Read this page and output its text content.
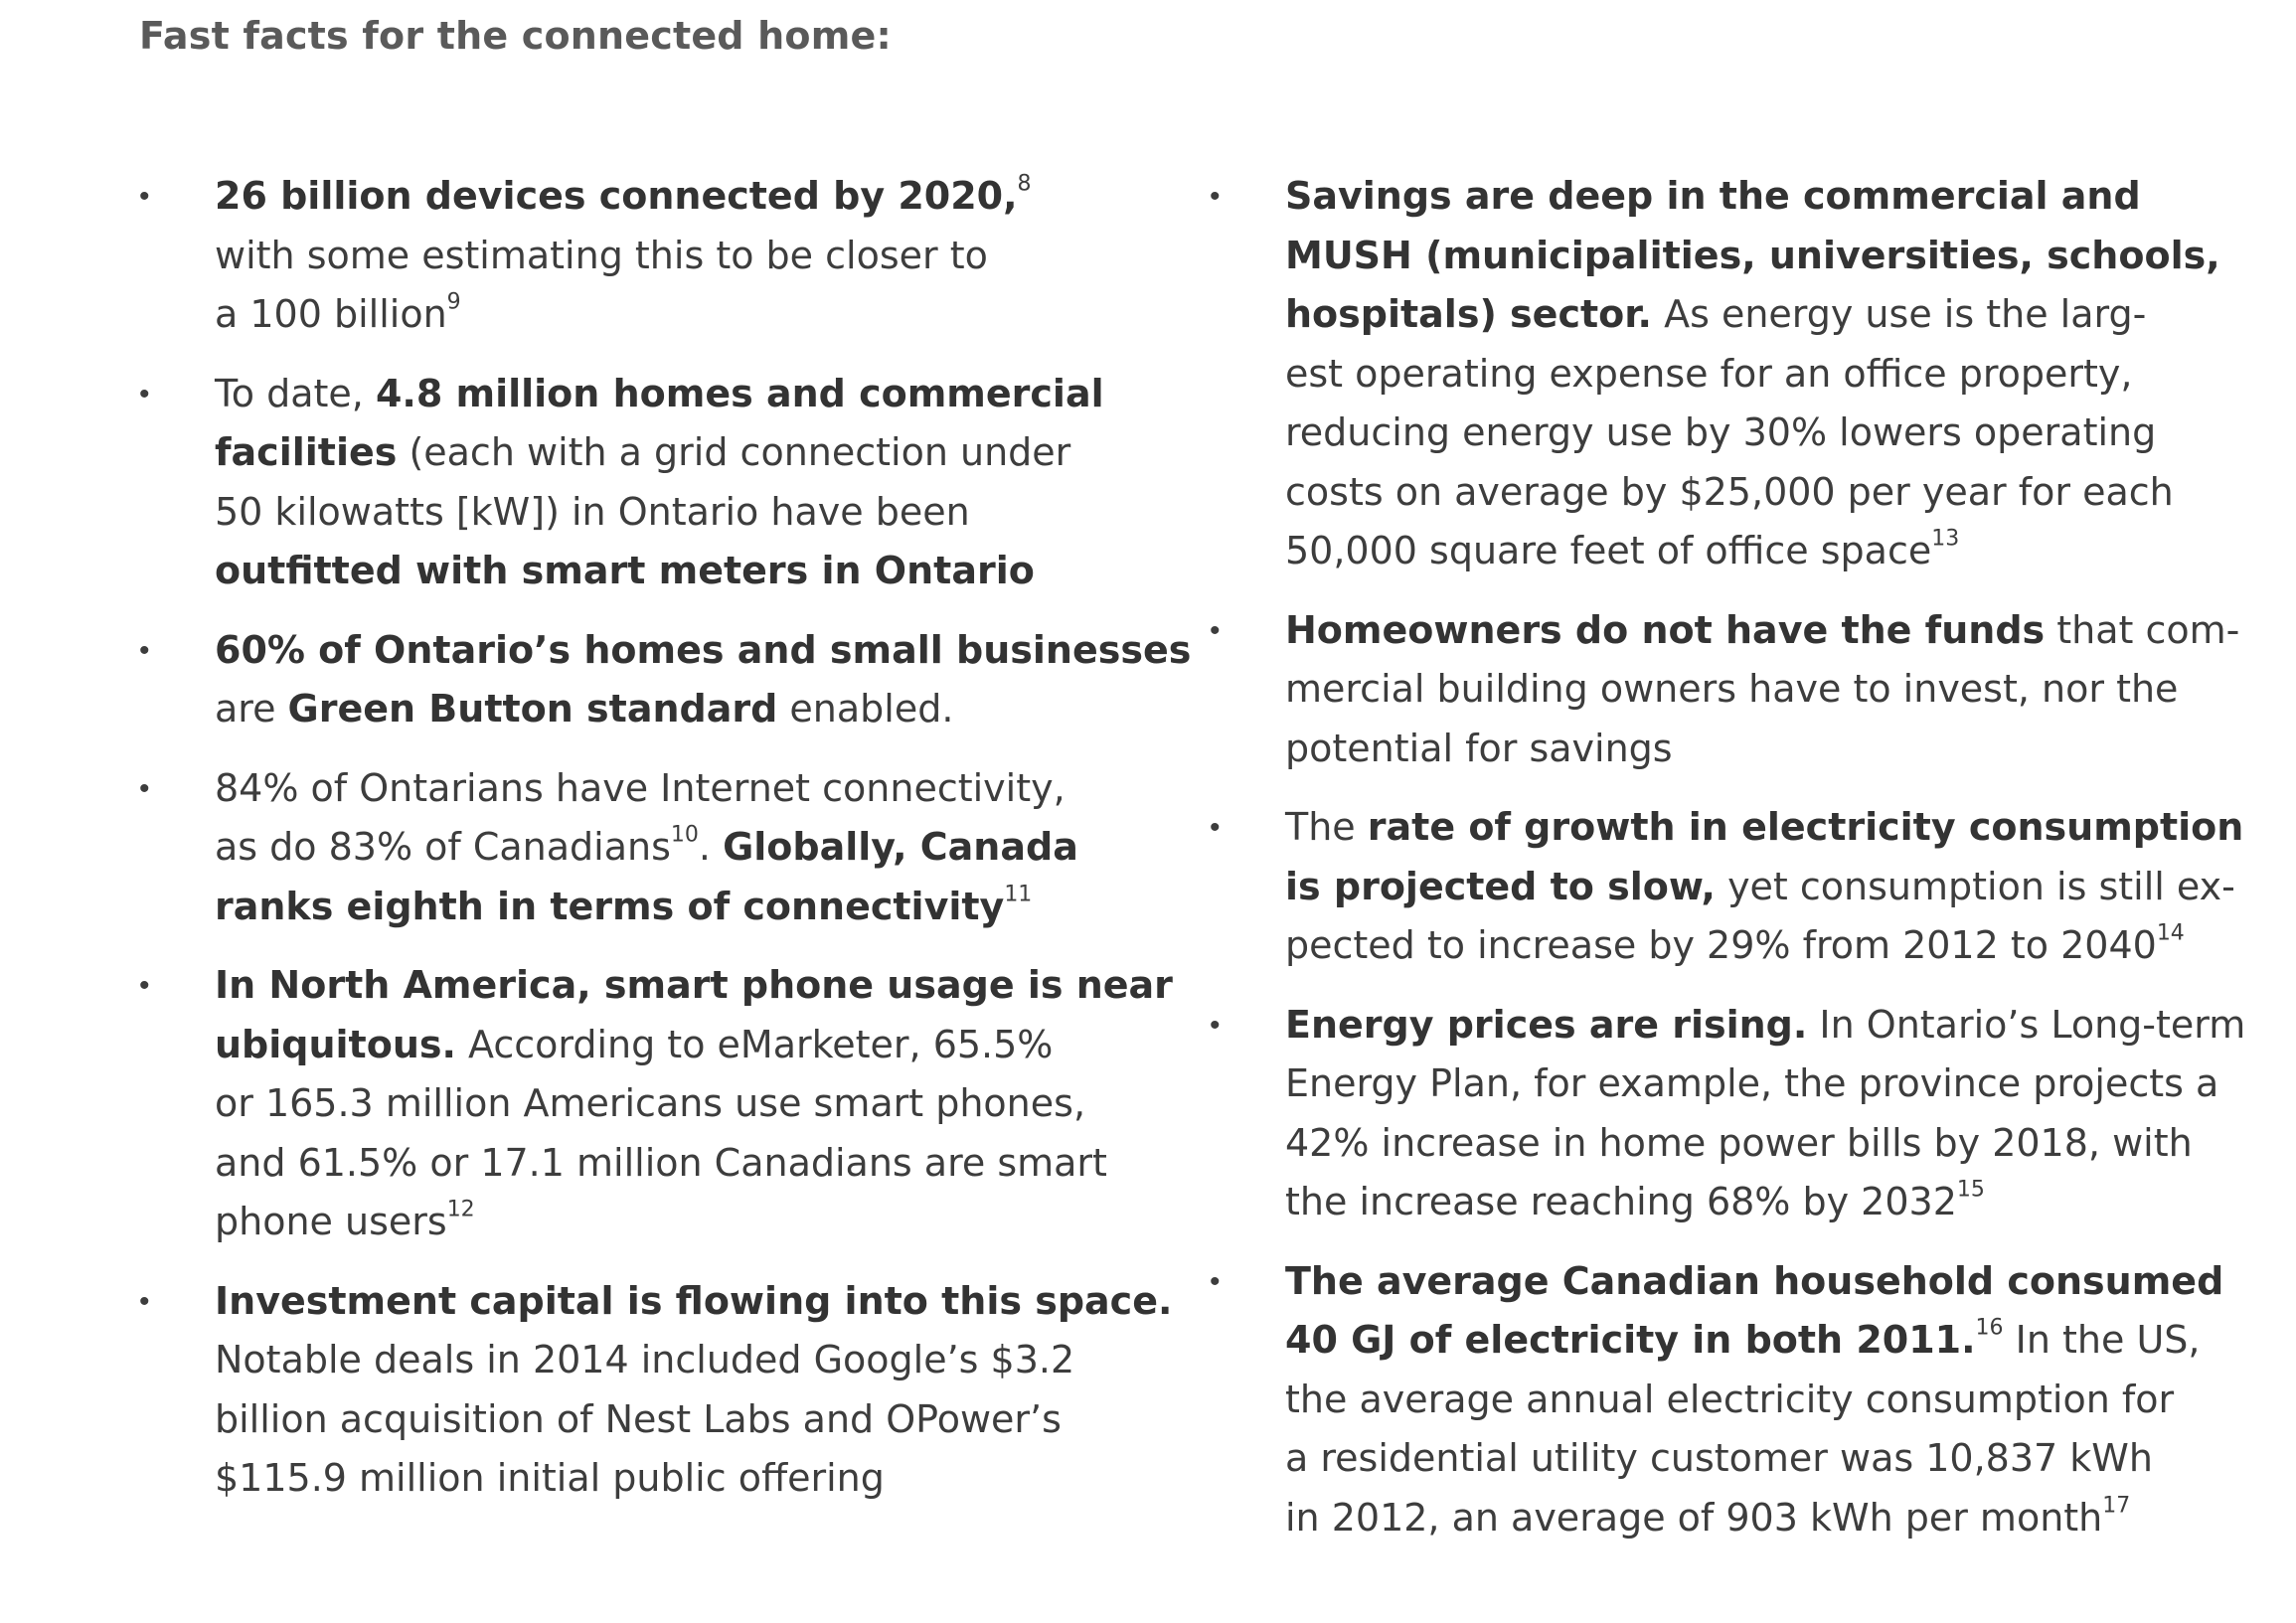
Fast facts for the connected home:
•	26 billion devices connected by 2020,$^8$
with some estimating this to be closer to
a 100 billion$^9$
•	To date, 4.8 million homes and commercial
facilities (each with a grid connection under
50 kilowatts [kW]) in Ontario have been
outfitted with smart meters in Ontario
•	60% of Ontario’s homes and small businesses
are Green Button standard enabled.
•	84% of Ontarians have Internet connectivity,
as do 83% of Canadians$^{10}$. Globally, Canada
ranks eighth in terms of connectivity$^{11}$
•	In North America, smart phone usage is near
ubiquitous. According to eMarketer, 65.5%
or 165.3 million Americans use smart phones,
and 61.5% or 17.1 million Canadians are smart
phone users$^{12}$
•	Investment capital is flowing into this space.
Notable deals in 2014 included Google’s $3.2
billion acquisition of Nest Labs and OPower’s
$115.9 million initial public offering
•	Savings are deep in the commercial and
MUSH (municipalities, universities, schools,
hospitals) sector. As energy use is the larg-
est operating expense for an office property,
reducing energy use by 30% lowers operating
costs on average by $25,000 per year for each
50,000 square feet of office space$^{13}$
•	Homeowners do not have the funds that com-
mercial building owners have to invest, nor the
potential for savings
•	The rate of growth in electricity consumption
is projected to slow, yet consumption is still ex-
pected to increase by 29% from 2012 to 2040$^{14}$
•	Energy prices are rising. In Ontario’s Long-term
Energy Plan, for example, the province projects a
42% increase in home power bills by 2018, with
the increase reaching 68% by 2032$^{15}$
•	The average Canadian household consumed
40 GJ of electricity in both 2011.16 In the US,
the average annual electricity consumption for
a residential utility customer was 10,837 kWh
in 2012, an average of 903 kWh per month$^{17}$
